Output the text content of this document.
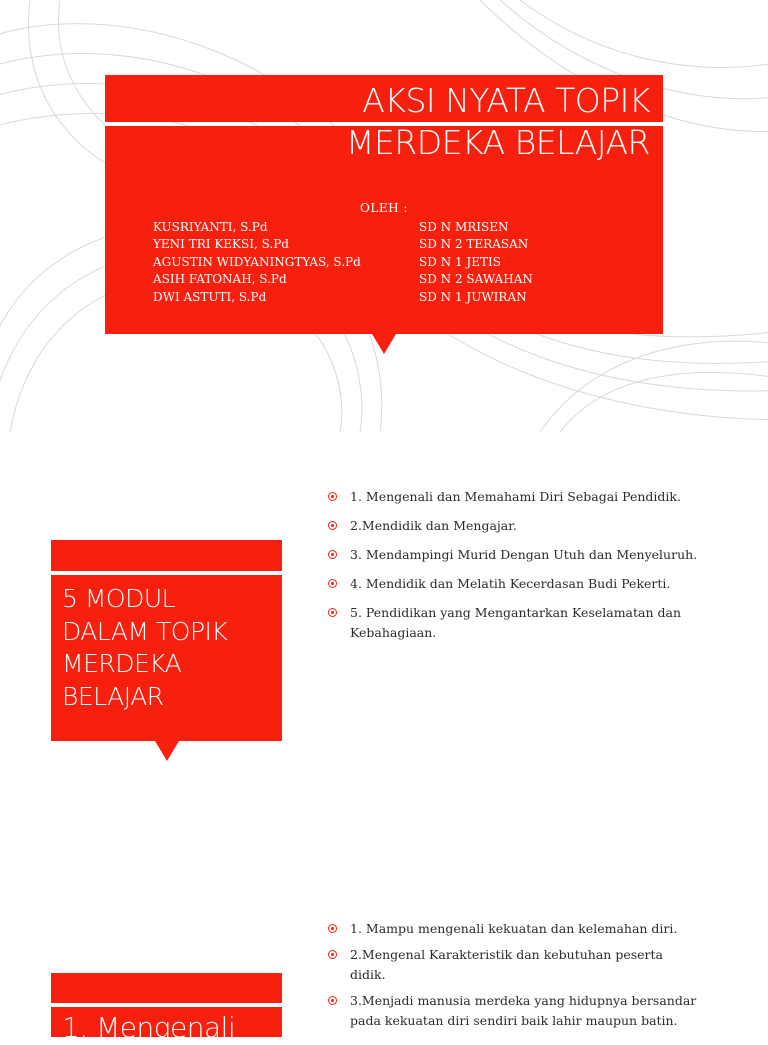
AKSI NYATA TOPIK
MERDEKA BELAJAR
OLEH :
KUSRIYANTI, S.Pd
YENI TRI KEKSI, S.Pd
AGUSTIN WIDYANINGTYAS, S.Pd
ASIH FATONAH, S.Pd
DWI ASTUTI, S.Pd
SD N MRISEN
SD N 2 TERASAN
SD N 1 JETIS
SD N 2 SAWAHAN
SD N 1 JUWIRAN
5 MODUL
DALAM TOPIK
MERDEKA
BELAJAR
1. Mengenali dan Memahami Diri Sebagai Pendidik.
2.Mendidik dan Mengajar.
3. Mendampingi Murid Dengan Utuh dan Menyeluruh.
4. Mendidik dan Melatih Kecerdasan Budi Pekerti.
5. Pendidikan yang Mengantarkan Keselamatan dan Kebahagiaan.
1. Mengenali
1. Mampu mengenali kekuatan dan kelemahan diri.
2.Mengenal Karakteristik dan kebutuhan peserta didik.
3.Menjadi manusia merdeka yang hidupnya bersandar pada kekuatan diri sendiri baik lahir maupun batin.
